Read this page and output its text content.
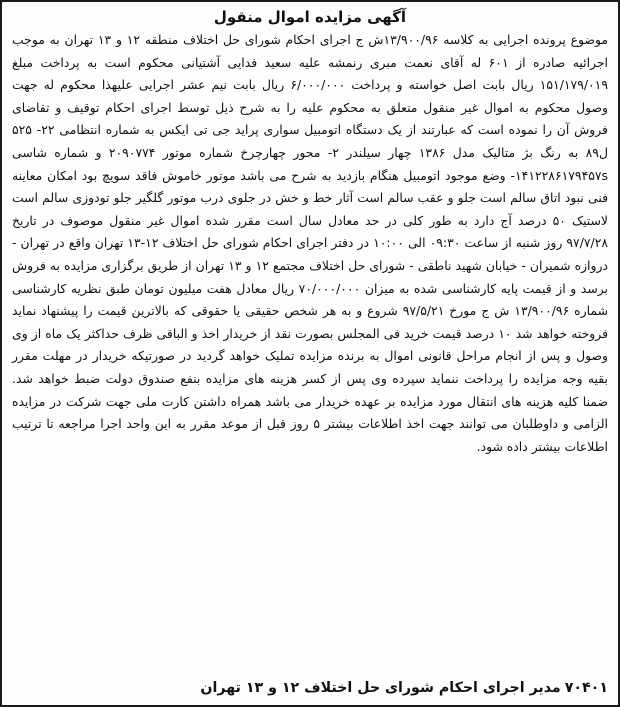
آگهی مزایده اموال منقول

موضوع پرونده اجرایی به کلاسه ۱۳/۹۰۰/۹۶ش ج اجرای احکام شورای حل اختلاف منطقه ۱۲ و ۱۳ تهران به موجب اجرائیه صادره از ۶۰۱ له آقای نعمت مبری رنمشه علیه سعید فدایی آشتیانی محکوم است به پرداخت مبلغ ۱۵۱/۱۷۹/۰۱۹ ریال بابت اصل خواسته و پرداخت ۶/۰۰۰/۰۰۰ ریال بابت نیم عشر اجرایی علیهذا محکوم له جهت وصول محکوم به اموال غیر منقول متعلق به محکوم علیه را به شرح ذیل توسط اجرای احکام توقیف و تقاضای فروش آن را نموده است که عبارتند از یک دستگاه اتومبیل سواری پراید جی تی ایکس به شماره انتظامی ۲۲- ۵۲۵ ل۸۹ به رنگ بژ متالیک مدل ۱۳۸۶ چهار سیلندر ۲- محور چهارچرخ شماره موتور ۲۰۹۰۷۷۴ و شماره شاسی ۱۴۱۲۲۸۶۱۷۹۴۵۷s- وضع موجود اتومبیل هنگام بازدید به شرح می باشد موتور خاموش فاقد سویچ بود امکان معاینه فنی نبود اتاق سالم است جلو و عقب سالم است آثار خط و خش در جلوی درب موتور گلگیر جلو تودوزی سالم است لاستیک ۵۰ درصد آج دارد به طور کلی در حد معادل سال است مقرر شده اموال غیر منقول موصوف در تاریخ ۹۷/۷/۲۸ روز شنبه از ساعت ۰۹:۳۰ الی ۱۰:۰۰ در دفتر اجرای احکام شورای حل اختلاف ۱۲-۱۳ تهران واقع در تهران - دروازه شمیران - خیابان شهید ناطقی - شورای حل اختلاف مجتمع ۱۲ و ۱۳ تهران از طریق برگزاری مزایده به فروش برسد و از قیمت پایه کارشناسی شده به میزان ۷۰/۰۰۰/۰۰۰ ریال معادل هفت میلیون تومان طبق نظریه کارشناسی شماره ۱۳/۹۰۰/۹۶ ش ج مورخ ۹۷/۵/۲۱ شروع و به هر شخص حقیقی یا حقوقی که بالاترین قیمت را پیشنهاد نماید فروخته خواهد شد ۱۰ درصد قیمت خرید فی المجلس بصورت نقد از خریدار اخذ و الباقی ظرف حداکثر یک ماه از وی وصول و پس از انجام مراحل قانونی اموال به برنده مزایده تملیک خواهد گردید در صورتیکه خریدار در مهلت مقرر بقیه وجه مزایده را پرداخت ننماید سپرده وی پس از کسر هزینه های مزایده بنفع صندوق دولت ضبط خواهد شد. ضمنا کلیه هزینه های انتقال مورد مزایده بر عهده خریدار می باشد همراه داشتن کارت ملی جهت شرکت در مزایده الزامی و داوطلبان می توانند جهت اخذ اطلاعات بیشتر ۵ روز قبل از موعد مقرر به این واحد اجرا مراجعه تا ترتیب اطلاعات بیشتر داده شود.

۷۰۴۰۱مدیر اجرای احکام شورای حل اختلاف ۱۲ و ۱۳ تهران
